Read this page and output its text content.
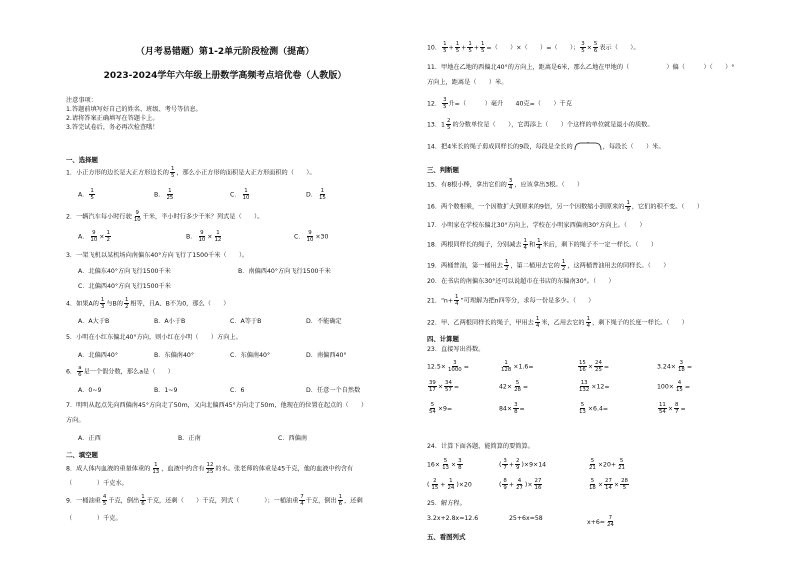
（月考易错题）第1-2单元阶段检测（提高）
2023-2024学年六年级上册数学高频考点培优卷（人教版）
注意事项：
1.答题前填写好自己的姓名、班级、考号等信息。
2.请将答案正确填写在答题卡上。
3.答完试卷后，务必再次检查哦！
一、选择题
1．小正方形的边长是大正方形边长的 $\frac{1}{5}$ ，那么小正方形的面积是大正方形面积的（　　）。
A． $\frac{1}{5}$	B． $\frac{1}{25}$	C． $\frac{1}{10}$	D． $\frac{1}{15}$
2．一辆汽车每小时行驶 $\frac{9}{10}$ 千米，半小时行多少千米？列式是（　　）。
A． $\frac{9}{10} \times \frac{1}{2}$	B． $\frac{9}{10} \times \frac{1}{12}$	C． $\frac{9}{10} \times 30$
3．一架飞机以某机场向南偏东40°方向飞行了1500千米（　　）。
A．北偏东40°方向飞行1500千米	B．南偏西40°方向飞行1500千米
C．北偏西40°方向飞行1500千米
4．如果A的 $\frac{1}{3}$ 与B的 $\frac{1}{2}$ 相等，且A、B不为0，那么（　　）
A．A大于B	B．A小于B	C．A等于B	D．不能确定
5．小明在小红东偏北40°方向，则小红在小明（　　）方向上。
A．北偏西40°	B．东偏南40°	C．东偏南40°	D．南偏西40°
6． $\frac{a}{6}$ 是一个假分数，那么a是（　　）
A．0~9	B．1~9	C．6	D．任意一个自然数
7．明明从起点先向西偏南45°方向走了50m，又向北偏西45°方向走了50m，他现在的位置在起点的（　　）
方向。
A．正西	B．正南	C．西偏南
二、填空题
8．成人体内血液的重量体重的 $\frac{1}{13}$ ，血液中约含有 $\frac{12}{25}$ 的水。张老师的体重是45千克，他的血液中约含有
（　　　　）千克水。
9．一桶油重 $\frac{4}{5}$ 千克，倒出 $\frac{1}{6}$ 千克，还剩（　　）千克，列式（　　　　）；一桶油重 $\frac{7}{4}$ 千克，倒出 $\frac{1}{6}$ ，还剩
（　　　　）千克。
10． $\frac{1}{5} + \frac{1}{5} + \frac{1}{5} + \frac{1}{5}$ =（　　）×（　　）=（　　）； $\frac{3}{5} \times \frac{5}{6}$ 表示（　　）。
11．甲地在乙地的西偏北40°的方向上，距离是6米，那么乙地在甲地的（　　　　　　）偏（　　　）（　　）°
方向上，距离是（　　）米。
12． $\frac{3}{5}$ 升=（　　　）毫升　　40克=（　　）千克
13．$1 \frac{2}{5}$ 的分数单位是（　　），它再添上（　　）个这样的单位就是最小的质数。
14．把4米长的绳子剪成同样长的9段，每段是全长的	，每段长（　　）米。
三、判断题
15．有8根小棒，拿出它们的 $\frac{3}{4}$ ，应该拿出3根。（　　）
16．两个数相乘，一个因数扩大到原来的9倍，另一个因数缩小到原来的 $\frac{1}{9}$ ，它们的积不变。（　　）
17．小明家在学校东偏北30°方向上，学校在小明家西偏南30°方向上。（　　）
18．两根同样长的绳子，分别减去 $\frac{1}{4}$ 和 $\frac{1}{4}$ 米后，剩下的绳子不一定一样长。（　　）
19．两桶普油，第一桶用去 $\frac{1}{2}$ ，第二桶用去它的 $\frac{1}{2}$ ，这两桶普油用去的同样长。（　　）
20．在书店的南偏东30°还可以说超市在书店的东偏南30°。（　　）
21．“$n+ \frac{1}{4}$ ”可理解为把n四等分，求每一份是多少。（　　）
22．甲、乙两根同样长的绳子，甲用去 $\frac{1}{4}$ 米，乙用去它的 $\frac{1}{4}$ ，剩下绳子的长度一样长。（　　）
四、计算题
23．直接写出得数。
24．计算下面各题，能简算的要简算。
25．解方程。
3.2x+2.8x=12.6	25+6x=58	$x+6= \frac{7}{24}$
五、看图列式
$12.5\times \frac{3}{1000}$ =	$\frac{1}{128} \times 1.6=$	$\frac{15}{16} \times \frac{24}{25}$ =	$3.24\times \frac{3}{18}$ =
$\frac{39}{17} \times \frac{34}{57}$ =	$42\times \frac{5}{28}$ =	$\frac{13}{132} \times 12=$	$100\times \frac{4}{15}$ =
$\frac{5}{54} \times 9=$	$84\times \frac{3}{8}$ =	$\frac{5}{13} \times 6.4=$	$\frac{11}{54} \times \frac{8}{7}$ =
$16\times \frac{5}{13} \times \frac{3}{8}$	( $\frac{3}{7} + \frac{2}{9} )\times 9\times 14$	$\frac{5}{21} \times 20+ \frac{5}{21}$
( $\frac{2}{15} + \frac{1}{24} )\times 20$	( $\frac{8}{9} + \frac{4}{27}$ )× $\frac{27}{16}$	$\frac{5}{18} \times \frac{27}{14} \times \frac{28}{5}$
